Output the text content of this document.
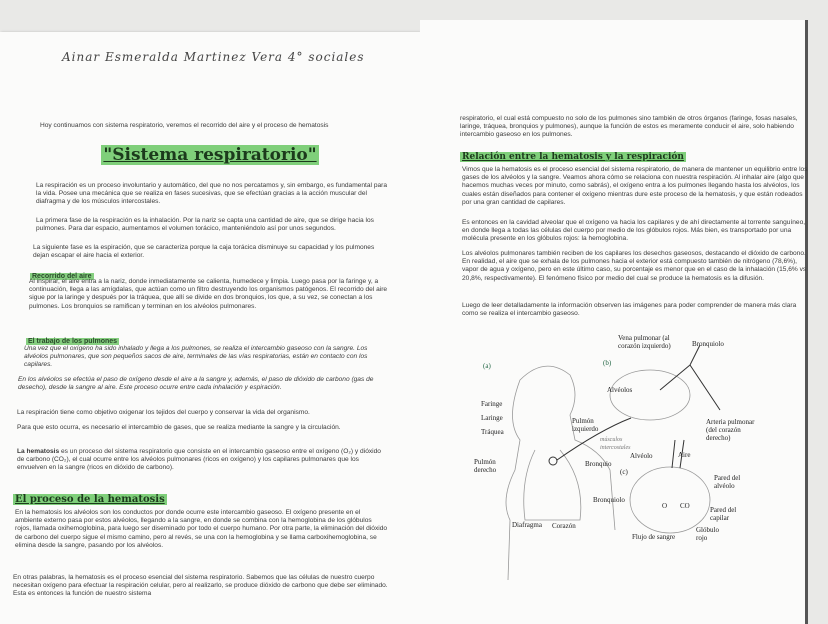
Ainar Esmeralda Martinez Vera 4° sociales
Hoy continuamos con sistema respiratorio, veremos el recorrido del aire y el proceso de hematosis
"Sistema respiratorio"
La respiración es un proceso involuntario y automático, del que no nos percatamos y, sin embargo, es fundamental para la vida. Posee una mecánica que se realiza en fases sucesivas, que se efectúan gracias a la acción muscular del diafragma y de los músculos intercostales.
La primera fase de la respiración es la inhalación. Por la nariz se capta una cantidad de aire, que se dirige hacia los pulmones. Para dar espacio, aumentamos el volumen torácico, manteniéndolo así por unos segundos.
La siguiente fase es la espiración, que se caracteriza porque la caja torácica disminuye su capacidad y los pulmones dejan escapar el aire hacia el exterior.
Recorrido del aire
Al inspirar, el aire entra a la nariz, donde inmediatamente se calienta, humedece y limpia. Luego pasa por la faringe y, a continuación, llega a las amígdalas, que actúan como un filtro destruyendo los organismos patógenos. El recorrido del aire sigue por la laringe y después por la tráquea, que allí se divide en dos bronquios, los que, a su vez, se conectan a los pulmones. Los bronquios se ramifican y terminan en los alvéolos pulmonares.
El trabajo de los pulmones
Una vez que el oxígeno ha sido inhalado y llega a los pulmones, se realiza el intercambio gaseoso con la sangre. Los alvéolos pulmonares, que son pequeños sacos de aire, terminales de las vías respiratorias, están en contacto con los capilares.
En los alvéolos se efectúa el paso de oxígeno desde el aire a la sangre y, además, el paso de dióxido de carbono (gas de desecho), desde la sangre al aire. Este proceso ocurre entre cada inhalación y espiración.
La respiración tiene como objetivo oxigenar los tejidos del cuerpo y conservar la vida del organismo.
Para que esto ocurra, es necesario el intercambio de gases, que se realiza mediante la sangre y la circulación.
La hematosis es un proceso del sistema respiratorio que consiste en el intercambio gaseoso entre el oxígeno (O₂) y dióxido de carbono (CO₂), el cual ocurre entre los alvéolos pulmonares (ricos en oxígeno) y los capilares pulmonares que los envuelven en la sangre (ricos en dióxido de carbono).
El proceso de la hematosis
En la hematosis los alvéolos son los conductos por donde ocurre este intercambio gaseoso. El oxígeno presente en el ambiente externo pasa por estos alvéolos, llegando a la sangre, en donde se combina con la hemoglobina de los glóbulos rojos, llamada oxihemoglobina, para luego ser diseminado por todo el cuerpo humano. Por otra parte, la eliminación del dióxido de carbono del cuerpo sigue el mismo camino, pero al revés, se una con la hemoglobina y se llama carboxihemoglobina, se elimina desde la sangre, pasando por los alvéolos.
En otras palabras, la hematosis es el proceso esencial del sistema respiratorio. Sabemos que las células de nuestro cuerpo necesitan oxígeno para efectuar la respiración celular, pero al realizarlo, se produce dióxido de carbono que debe ser eliminado. Esta es entonces la función de nuestro sistema
respiratorio, el cual está compuesto no solo de los pulmones sino también de otros órganos (faringe, fosas nasales, laringe, tráquea, bronquios y pulmones), aunque la función de estos es meramente conducir el aire, solo habiendo intercambio gaseoso en los pulmones.
Relación entre la hematosis y la respiración
Vimos que la hematosis es el proceso esencial del sistema respiratorio, de manera de mantener un equilibrio entre los gases de los alvéolos y la sangre. Veamos ahora cómo se relaciona con nuestra respiración. Al inhalar aire (algo que hacemos muchas veces por minuto, como sabrás), el oxígeno entra a los pulmones llegando hasta los alvéolos, los cuales están diseñados para contener el oxígeno mientras dure este proceso de la hematosis, y que están rodeados por una gran cantidad de capilares.
Es entonces en la cavidad alveolar que el oxígeno va hacia los capilares y de ahí directamente al torrente sanguíneo, en donde llega a todas las células del cuerpo por medio de los glóbulos rojos. Más bien, es transportado por una molécula presente en los glóbulos rojos: la hemoglobina.
Los alvéolos pulmonares también reciben de los capilares los desechos gaseosos, destacando el dióxido de carbono. En realidad, el aire que se exhala de los pulmones hacia el exterior está compuesto también de nitrógeno (78,6%), vapor de agua y oxígeno, pero en este último caso, su porcentaje es menor que en el caso de la inhalación (15,6% vs 20,8%, respectivamente). El fenómeno físico por medio del cual se produce la hematosis es la difusión.
Luego de leer detalladamente la información observen las imágenes para poder comprender de manera más clara como se realiza el intercambio gaseoso.
(a)	(b)
Vena pulmonar (al corazón izquierdo)	Bronquiolo
Alvéolos
Faringe
Laringe
Tráquea
Pulmón izquierdo
músculos intercostales
Pulmón derecho
Bronquio
Arteria pulmonar (del corazón derecho)
Alvéolo	Aire
(c)
Pared del alvéolo
Bronquiolo
O CO	Pared del capilar
Diafragma Corazón
Flujo de sangre
Glóbulo rojo
